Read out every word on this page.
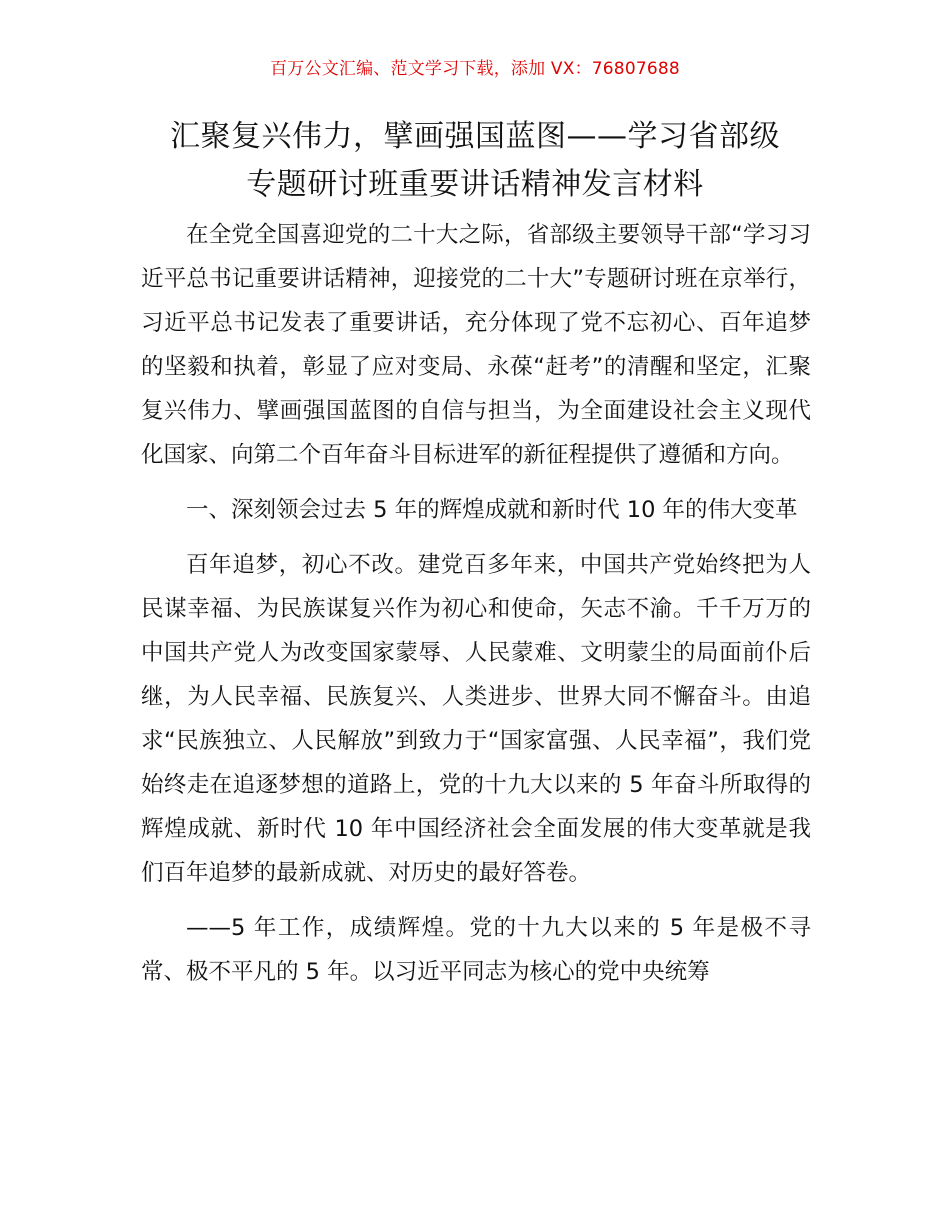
百万公文汇编、范文学习下载，添加 VX：76807688
汇聚复兴伟力，擘画强国蓝图——学习省部级
专题研讨班重要讲话精神发言材料

在全党全国喜迎党的二十大之际，省部级主要领导干部“学习习近平总书记重要讲话精神，迎接党的二十大”专题研讨班在京举行，习近平总书记发表了重要讲话，充分体现了党不忘初心、百年追梦的坚毅和执着，彰显了应对变局、永葆“赶考”的清醒和坚定，汇聚复兴伟力、擘画强国蓝图的自信与担当，为全面建设社会主义现代化国家、向第二个百年奋斗目标进军的新征程提供了遵循和方向。

一、深刻领会过去 5 年的辉煌成就和新时代 10 年的伟大变革

百年追梦，初心不改。建党百多年来，中国共产党始终把为人民谋幸福、为民族谋复兴作为初心和使命，矢志不渝。千千万万的中国共产党人为改变国家蒙辱、人民蒙难、文明蒙尘的局面前仆后继，为人民幸福、民族复兴、人类进步、世界大同不懈奋斗。由追求“民族独立、人民解放”到致力于“国家富强、人民幸福”，我们党始终走在追逐梦想的道路上，党的十九大以来的 5 年奋斗所取得的辉煌成就、新时代 10 年中国经济社会全面发展的伟大变革就是我们百年追梦的最新成就、对历史的最好答卷。

——5 年工作，成绩辉煌。党的十九大以来的 5 年是极不寻常、极不平凡的 5 年。以习近平同志为核心的党中央统筹
